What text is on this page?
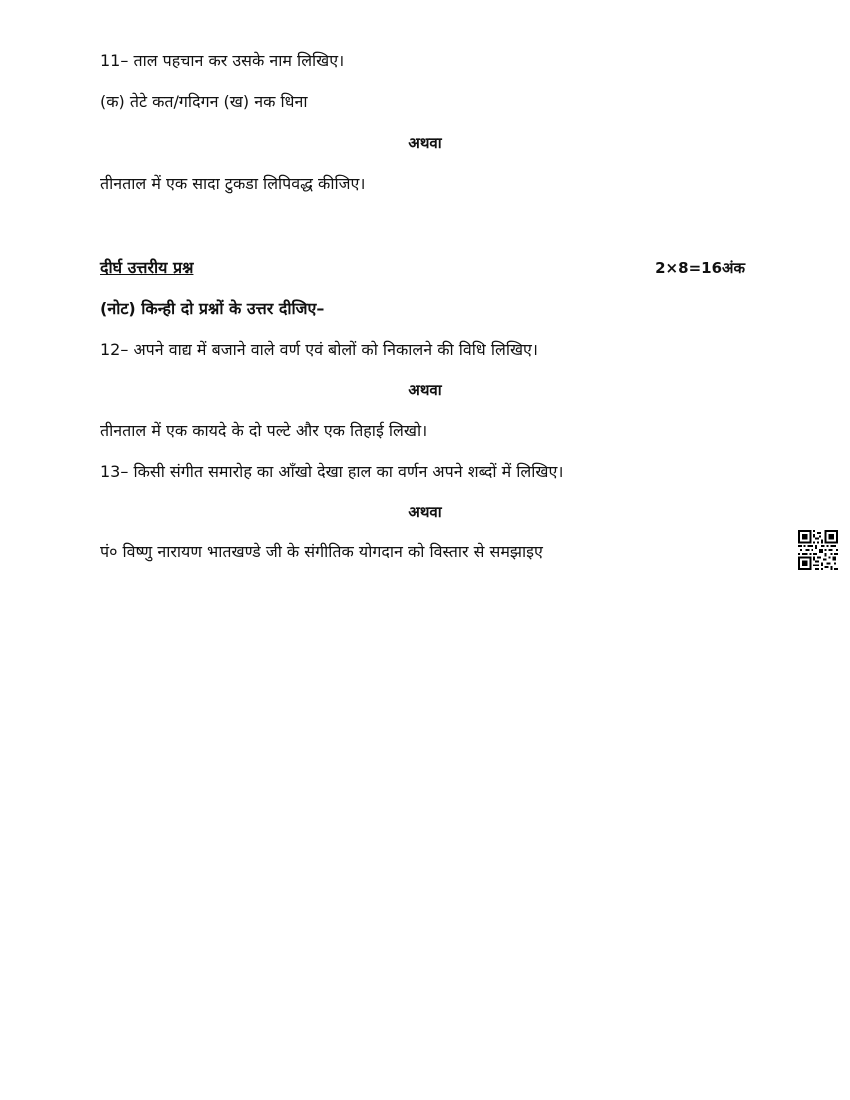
11– ताल पहचान कर उसके नाम लिखिए।
(क) तेटे कत/गदिगन (ख) नक धिना
अथवा
तीनताल में एक सादा टुकडा लिपिवद्ध कीजिए।
दीर्घ उत्तरीय प्रश्न	2×8=16अंक
(नोट) किन्ही दो प्रश्नों के उत्तर दीजिए–
12– अपने वाद्य में बजाने वाले वर्ण एवं बोलों को निकालने की विधि लिखिए।
अथवा
तीनताल में एक कायदे के दो पल्टे और एक तिहाई लिखो।
13– किसी संगीत समारोह का आँखो देखा हाल का वर्णन अपने शब्दों में लिखिए।
अथवा
पं० विष्णु नारायण भातखण्डे जी के संगीतिक योगदान को विस्तार से समझाइए
